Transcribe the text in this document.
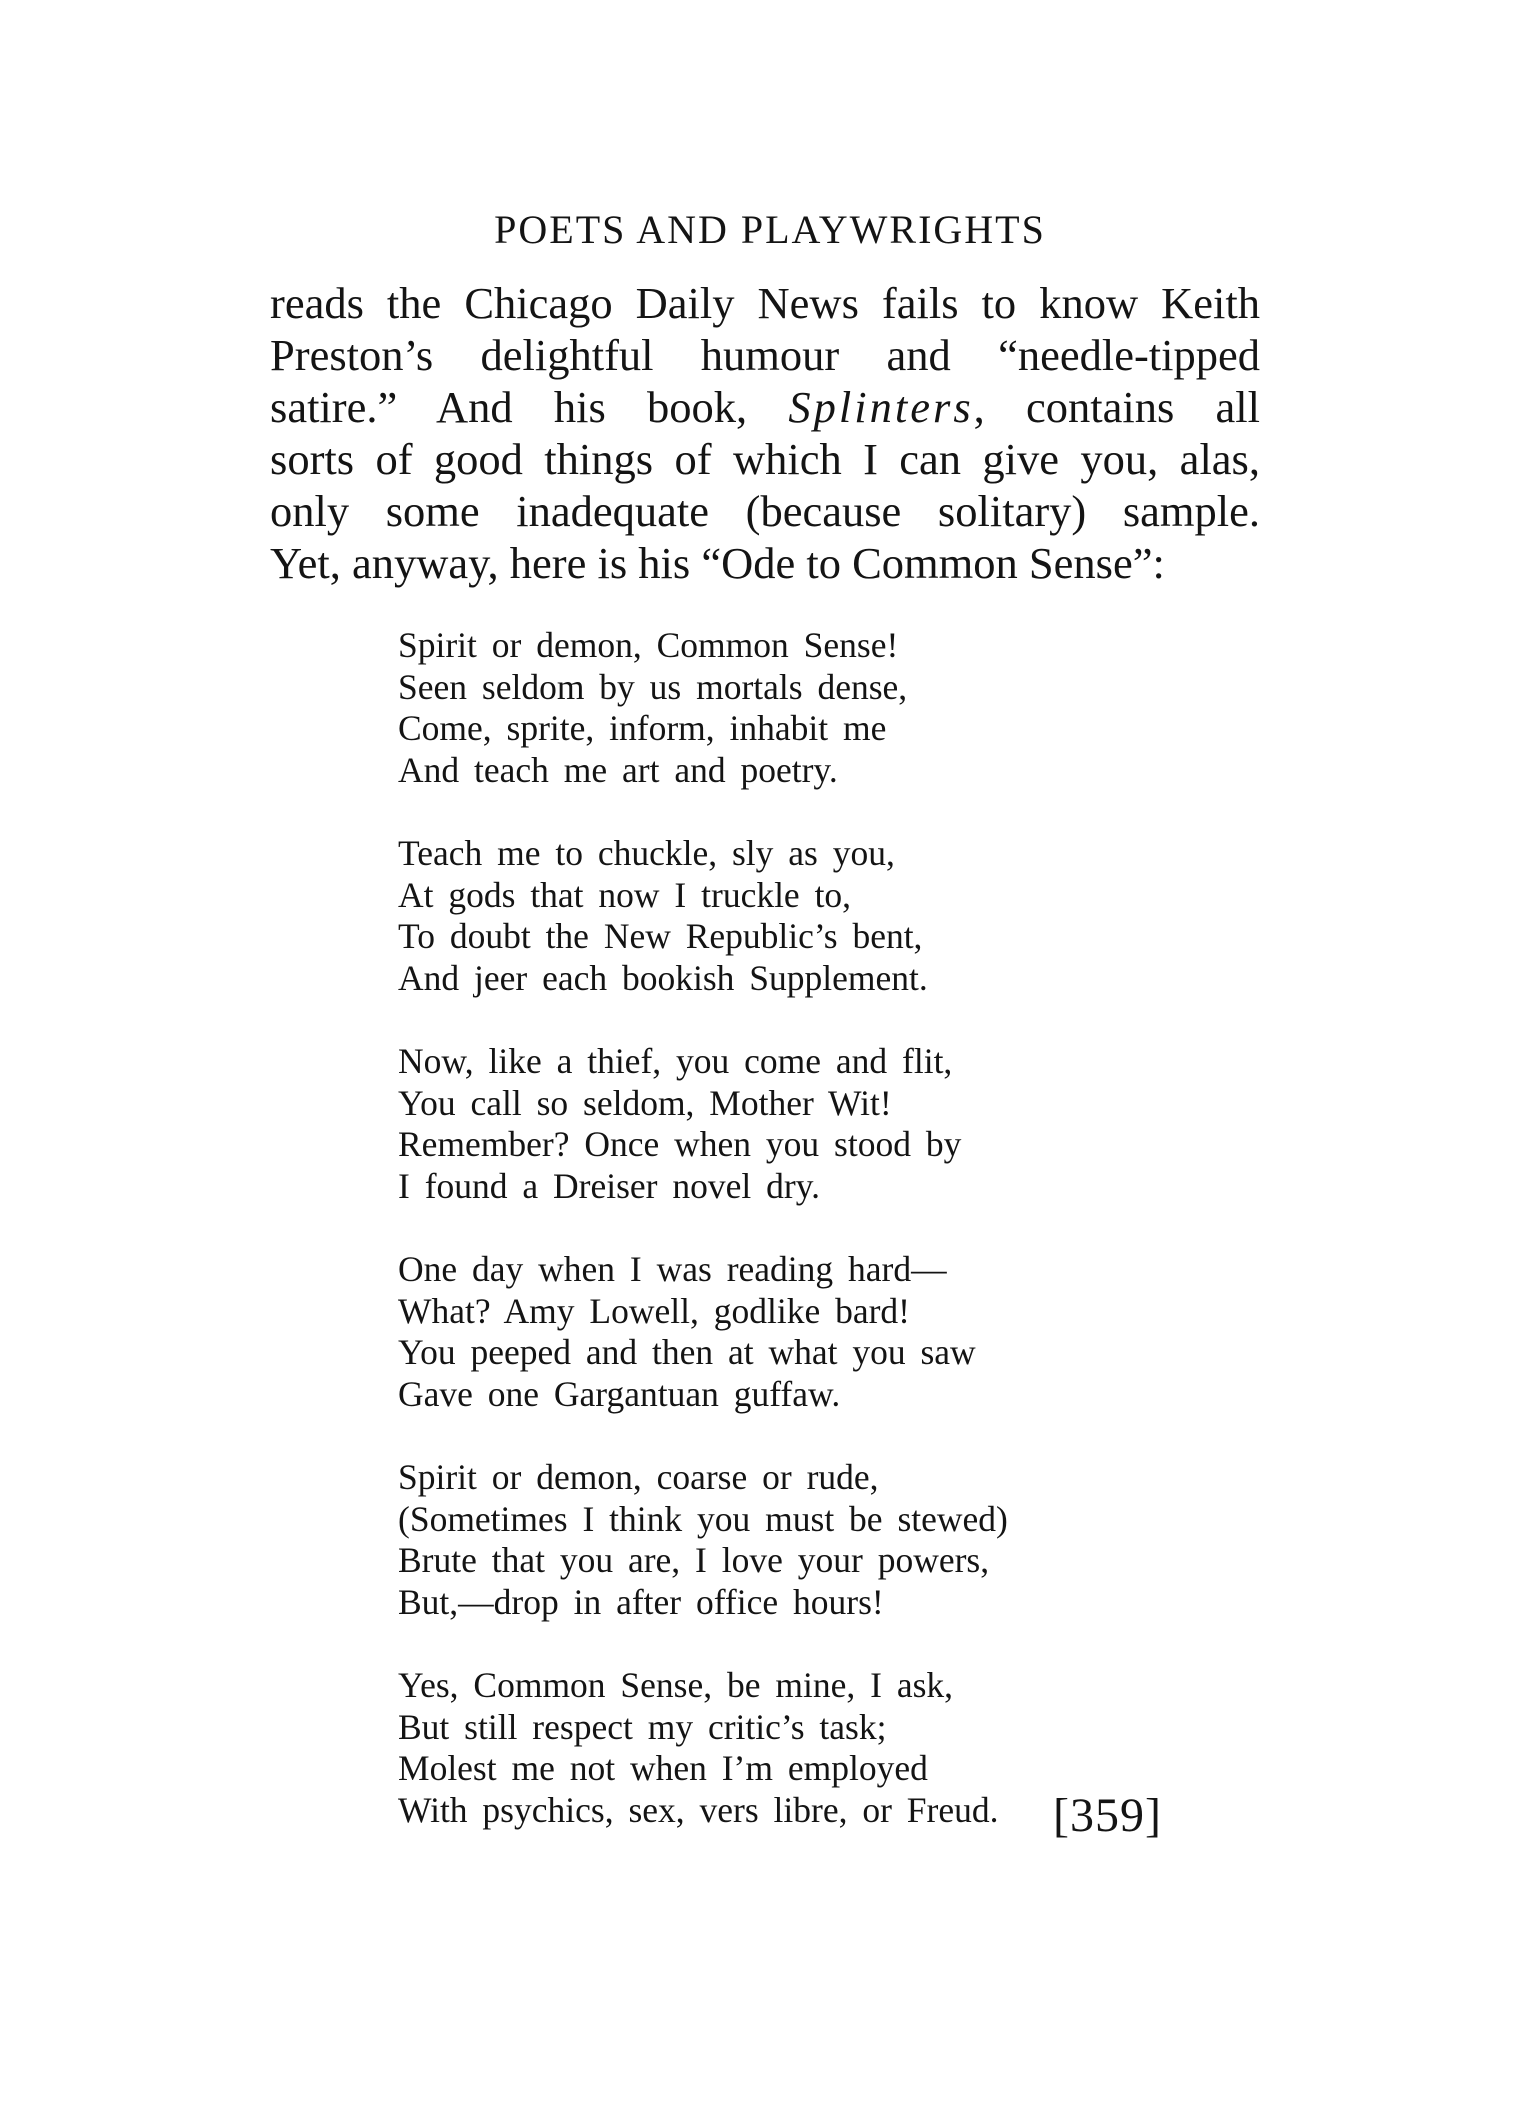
POETS AND PLAYWRIGHTS
reads the Chicago Daily News fails to know Keith
Preston’s delightful humour and “needle-tipped
satire.” And his book, Splinters, contains all
sorts of good things of which I can give you, alas,
only some inadequate (because solitary) sample.
Yet, anyway, here is his “Ode to Common Sense”:
Spirit or demon, Common Sense!
Seen seldom by us mortals dense,
Come, sprite, inform, inhabit me
And teach me art and poetry.
Teach me to chuckle, sly as you,
At gods that now I truckle to,
To doubt the New Republic’s bent,
And jeer each bookish Supplement.
Now, like a thief, you come and flit,
You call so seldom, Mother Wit!
Remember? Once when you stood by
I found a Dreiser novel dry.
One day when I was reading hard—
What? Amy Lowell, godlike bard!
You peeped and then at what you saw
Gave one Gargantuan guffaw.
Spirit or demon, coarse or rude,
(Sometimes I think you must be stewed)
Brute that you are, I love your powers,
But,—drop in after office hours!
Yes, Common Sense, be mine, I ask,
But still respect my critic’s task;
Molest me not when I’m employed
With psychics, sex, vers libre, or Freud.	[359]
